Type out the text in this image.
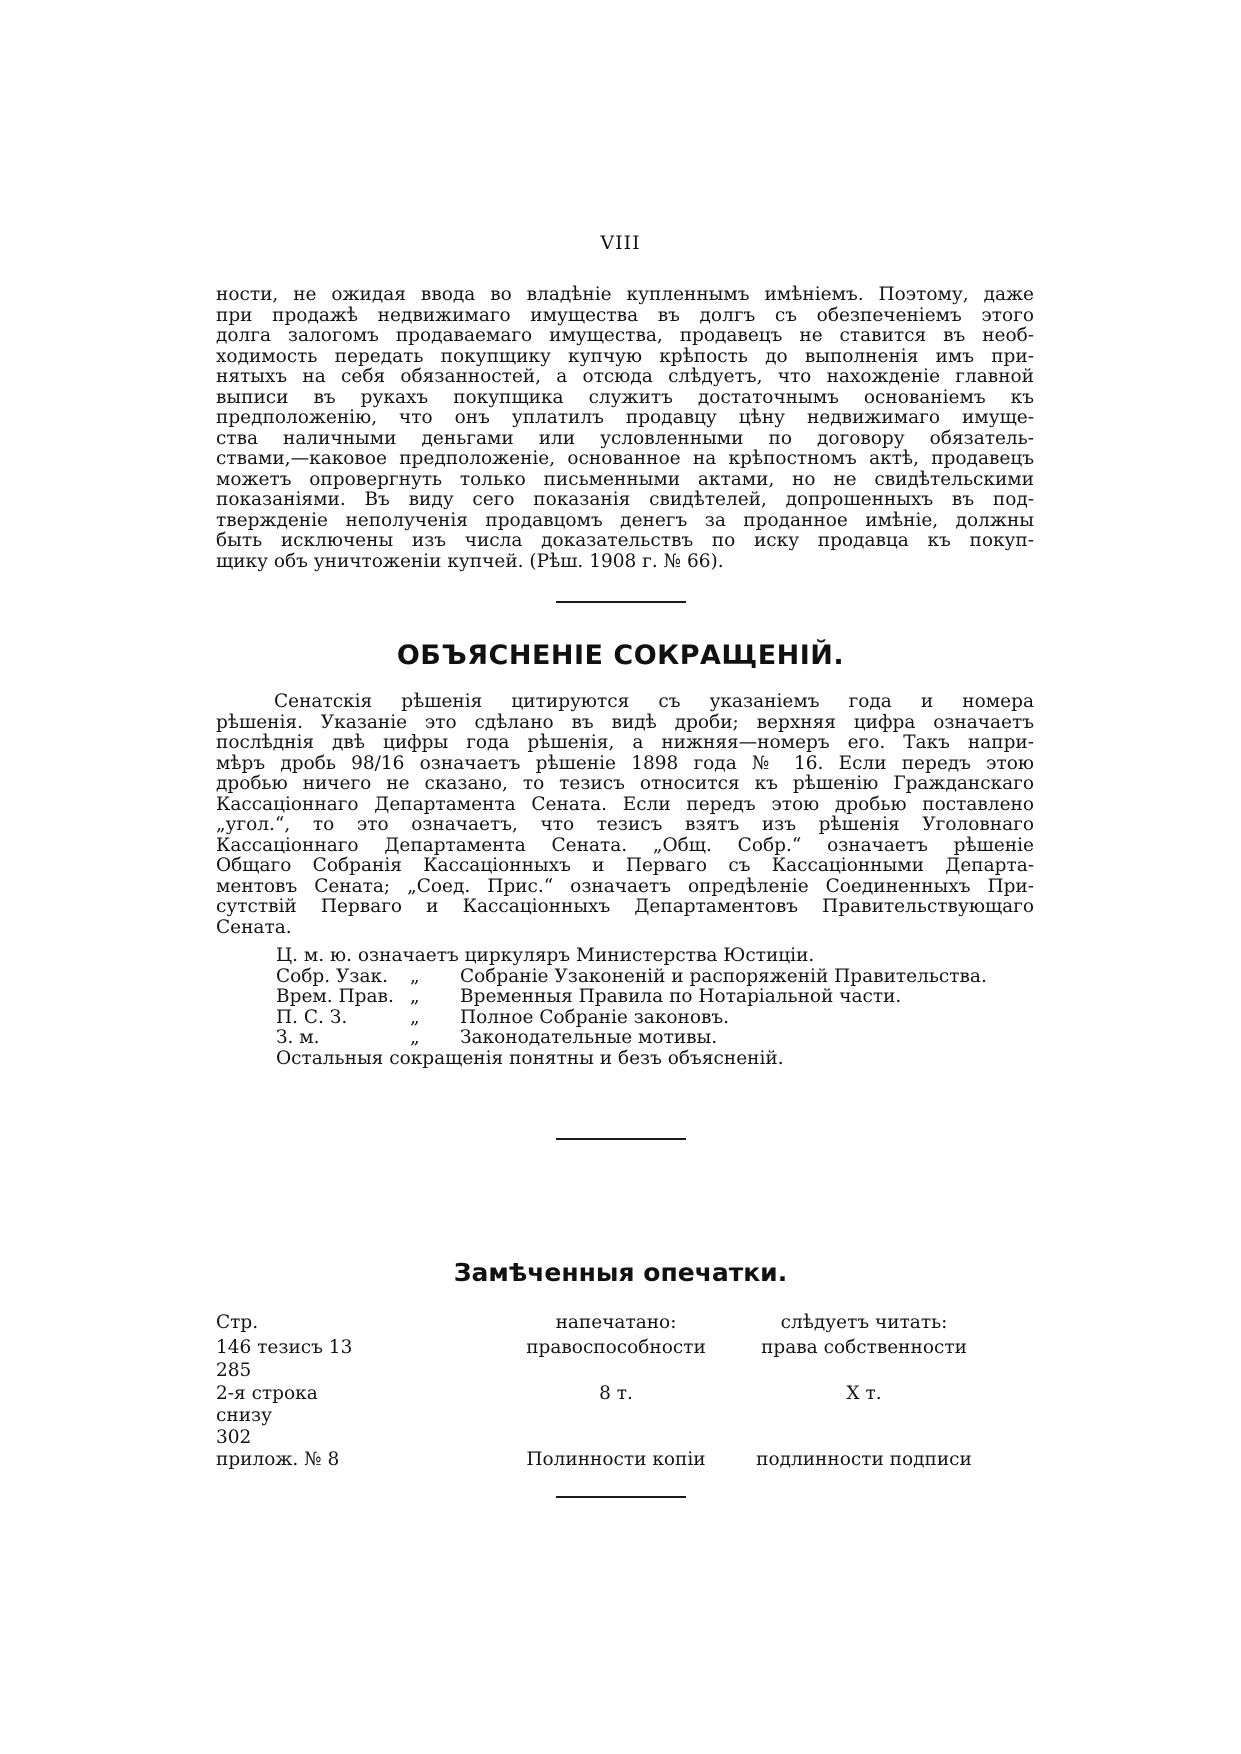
VIII
ности, не ожидая ввода во владѣніе купленнымъ имѣніемъ. Поэтому, даже
при продажѣ недвижимаго имущества въ долгъ съ обезпеченіемъ этого
долга залогомъ продаваемаго имущества, продавецъ не ставится въ необ-
ходимость передать покупщику купчую крѣпость до выполненія имъ при-
нятыхъ на себя обязанностей, а отсюда слѣдуетъ, что нахожденіе главной
выписи въ рукахъ покупщика служитъ достаточнымъ основаніемъ къ
предположенію, что онъ уплатилъ продавцу цѣну недвижимаго имуще-
ства наличными деньгами или условленными по договору обязатель-
ствами,—каковое предположеніе, основанное на крѣпостномъ актѣ, продавецъ
можетъ опровергнуть только письменными актами, но не свидѣтельскими
показаніями. Въ виду сего показанія свидѣтелей, допрошенныхъ въ под-
твержденіе неполученія продавцомъ денегъ за проданное имѣніе, должны
быть исключены изъ числа доказательствъ по иску продавца къ покуп-
щику объ уничтоженіи купчей. (Рѣш. 1908 г. № 66).
ОБЪЯСНЕНІЕ СОКРАЩЕНІЙ.
Сенатскія рѣшенія цитируются съ указаніемъ года и номера
рѣшенія. Указаніе это сдѣлано въ видѣ дроби; верхняя цифра означаетъ
послѣднія двѣ цифры года рѣшенія, а нижняя—номеръ его. Такъ напри-
мѣръ дробь 98/16 означаетъ рѣшеніе 1898 года № 16. Если передъ этою
дробью ничего не сказано, то тезисъ относится къ рѣшенію Гражданскаго
Кассаціоннаго Департамента Сената. Если передъ этою дробью поставлено
„угол.“, то это означаетъ, что тезисъ взятъ изъ рѣшенія Уголовнаго
Кассаціоннаго Департамента Сената. „Общ. Собр.“ означаетъ рѣшеніе
Общаго Собранія Кассаціонныхъ и Перваго съ Кассаціонными Департа-
ментовъ Сената; „Соед. Прис.“ означаетъ опредѣленіе Соединенныхъ При-
сутствій Перваго и Кассаціонныхъ Департаментовъ Правительствующаго
Сената.
Ц. м. ю. означаетъ циркуляръ Министерства Юстиціи.
Собр. Узак.	„	Собраніе Узаконеній и распоряженій Правительства.
Врем. Прав. „	Временныя Правила по Нотаріальной части.
П. С. З.	„	Полное Собраніе законовъ.
З. м.	„	Законодательные мотивы.
Остальныя сокращенія понятны и безъ объясненій.
Замѣченныя опечатки.
Стр.	напечатано:	слѣдуетъ читать:
146 тезисъ 13	правоспособности	права собственности
285
2-я строка	8 т.	X т.
снизу
302
прилож. № 8	Полинности копіи	подлинности подписи
